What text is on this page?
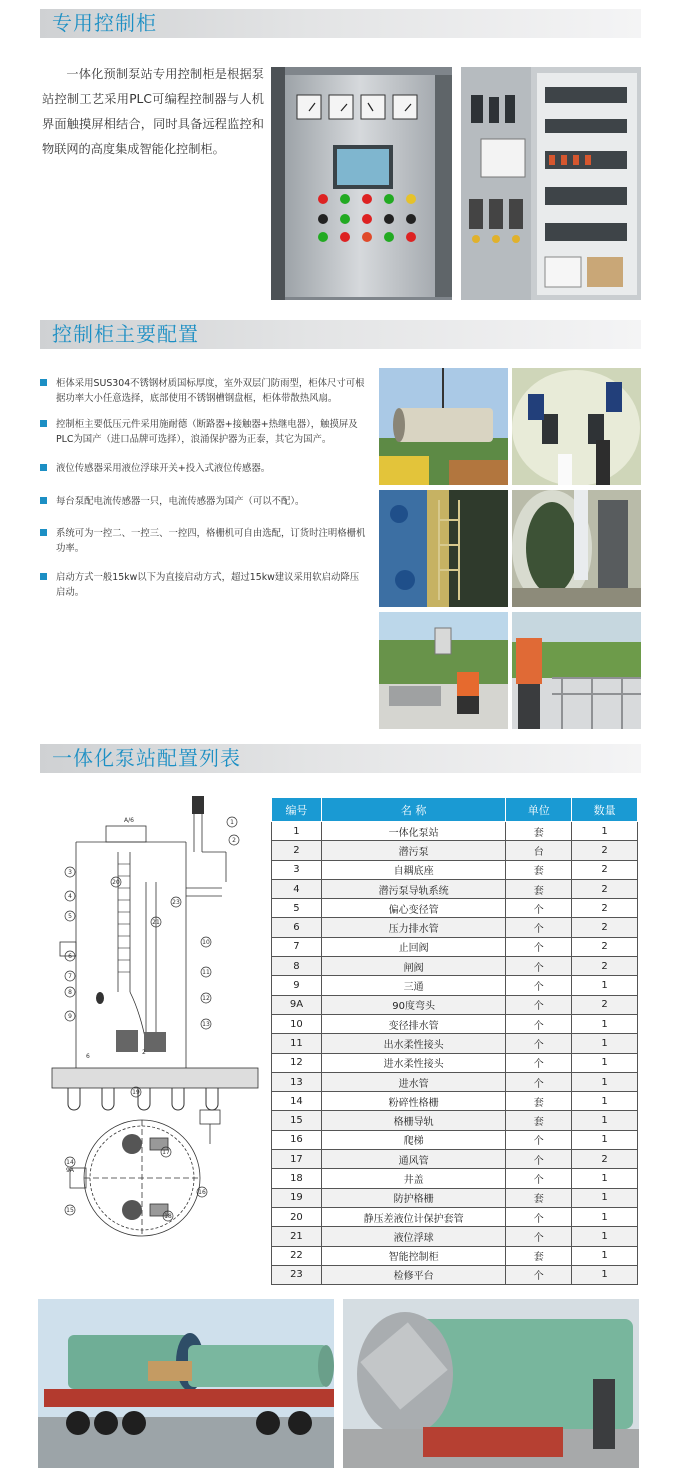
专用控制柜
一体化预制泵站专用控制柜是根据泵站控制工艺采用PLC可编程控制器与人机界面触摸屏相结合，同时具备远程监控和物联网的高度集成智能化控制柜。
控制柜主要配置
柜体采用SUS304不锈钢材质国标厚度，室外双层门防雨型，柜体尺寸可根据功率大小任意选择，底部使用不锈钢槽钢盘框，柜体带散热风扇。
控制柜主要低压元件采用施耐德（断路器+接触器+热继电器），触摸屏及PLC为国产（进口品牌可选择），浪涌保护器为正泰，其它为国产。
液位传感器采用液位浮球开关+投入式液位传感器。
每台泵配电流传感器一只，电流传感器为国产（可以不配）。
系统可为一控二、一控三、一控四，格栅机可自由选配，订货时注明格栅机功率。
启动方式一般15kw以下为直接启动方式，超过15kw建议采用软启动降压启动。
一体化泵站配置列表
1
2
3
4
5
6
7
8
9
10
11
12
13
14
15
16
17
18
19
20
21
23
A/6
2
6
9A
编号	名 称	单位	数量
1	一体化泵站	套	1
2	潜污泵	台	2
3	自耦底座	套	2
4	潜污泵导轨系统	套	2
5	偏心变径管	个	2
6	压力排水管	个	2
7	止回阀	个	2
8	闸阀	个	2
9	三通	个	1
9A	90度弯头	个	2
10	变径排水管	个	1
11	出水柔性接头	个	1
12	进水柔性接头	个	1
13	进水管	个	1
14	粉碎性格栅	套	1
15	格栅导轨	套	1
16	爬梯	个	1
17	通风管	个	2
18	井盖	个	1
19	防护格栅	套	1
20	静压差液位计保护套管	个	1
21	液位浮球	个	1
22	智能控制柜	套	1
23	检修平台	个	1
